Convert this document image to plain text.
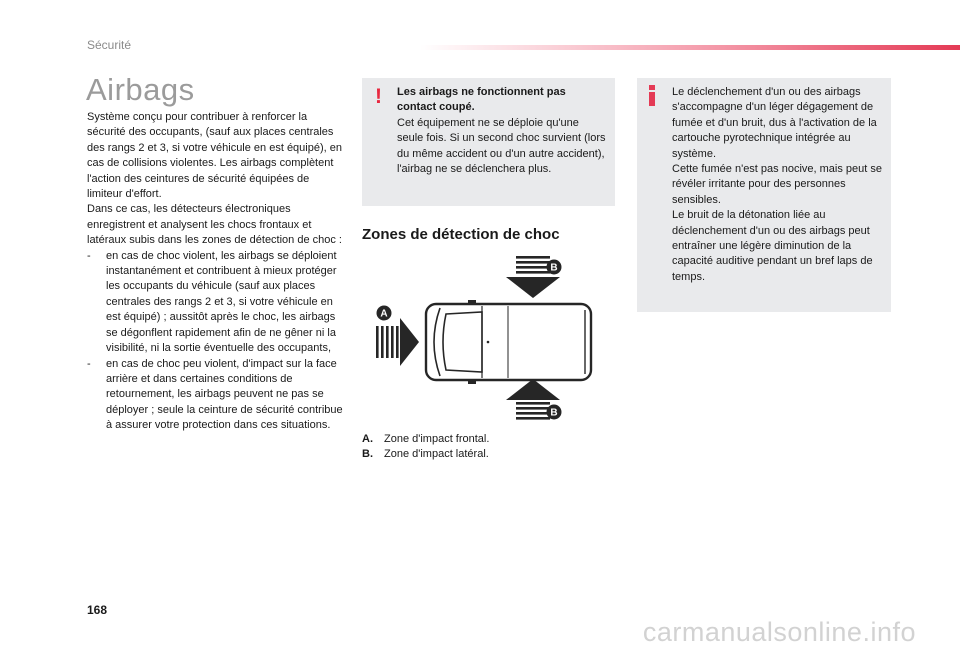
Sécurité
Airbags

Système conçu pour contribuer à renforcer la sécurité des occupants, (sauf aux places centrales des rangs 2 et 3, si votre véhicule en est équipé), en cas de collisions violentes. Les airbags complètent l'action des ceintures de sécurité équipées de limiteur d'effort.

Dans ce cas, les détecteurs électroniques enregistrent et analysent les chocs frontaux et latéraux subis dans les zones de détection de choc :

-	en cas de choc violent, les airbags se déploient instantanément et contribuent à mieux protéger les occupants du véhicule (sauf aux places centrales des rangs 2 et 3, si votre véhicule en est équipé) ; aussitôt après le choc, les airbags se dégonflent rapidement afin de ne gêner ni la visibilité, ni la sortie éventuelle des occupants,
-	en cas de choc peu violent, d'impact sur la face arrière et dans certaines conditions de retournement, les airbags peuvent ne pas se déployer ; seule la ceinture de sécurité contribue à assurer votre protection dans ces situations.
! Les airbags ne fonctionnent pas contact coupé.

Cet équipement ne se déploie qu'une seule fois. Si un second choc survient (lors du même accident ou d'un autre accident), l'airbag ne se déclenchera plus.

Le déclenchement d'un ou des airbags s'accompagne d'un léger dégagement de fumée et d'un bruit, dus à l'activation de la cartouche pyrotechnique intégrée au système.

Cette fumée n'est pas nocive, mais peut se révéler irritante pour des personnes sensibles.

Le bruit de la détonation liée au déclenchement d'un ou des airbags peut entraîner une légère diminution de la capacité auditive pendant un bref laps de temps.

Zones de détection de choc
B
A
B
A.	Zone d'impact frontal.
B.	Zone d'impact latéral.
168
carmanualsonline.info
